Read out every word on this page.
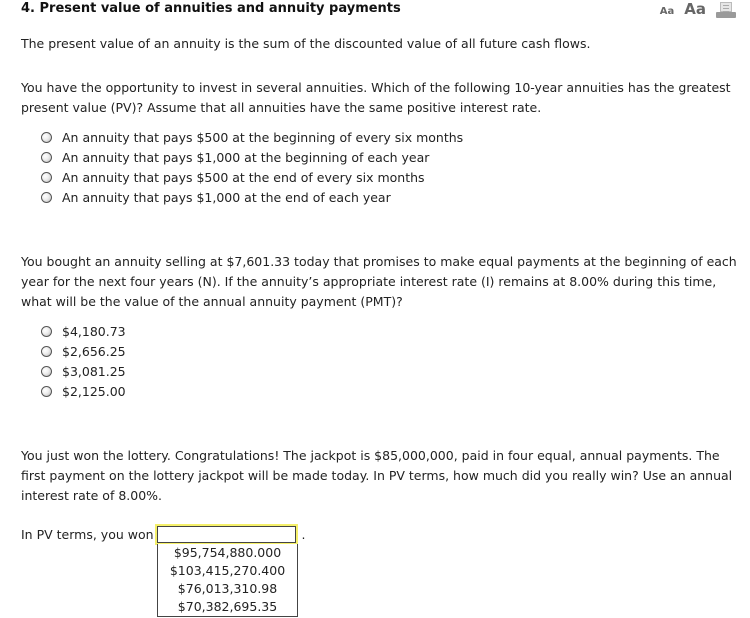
4. Present value of annuities and annuity payments	Aa Aa

The present value of an annuity is the sum of the discounted value of all future cash flows.

You have the opportunity to invest in several annuities. Which of the following 10-year annuities has the greatest present value (PV)? Assume that all annuities have the same positive interest rate.

An annuity that pays $500 at the beginning of every six months
An annuity that pays $1,000 at the beginning of each year
An annuity that pays $500 at the end of every six months
An annuity that pays $1,000 at the end of each year

You bought an annuity selling at $7,601.33 today that promises to make equal payments at the beginning of each year for the next four years (N). If the annuity’s appropriate interest rate (I) remains at 8.00% during this time, what will be the value of the annual annuity payment (PMT)?

$4,180.73
$2,656.25
$3,081.25
$2,125.00

You just won the lottery. Congratulations! The jackpot is $85,000,000, paid in four equal, annual payments. The first payment on the lottery jackpot will be made today. In PV terms, how much did you really win? Use an annual interest rate of 8.00%.

In PV terms, you won	.
$95,754,880.000
$103,415,270.400
$76,013,310.98
$70,382,695.35
